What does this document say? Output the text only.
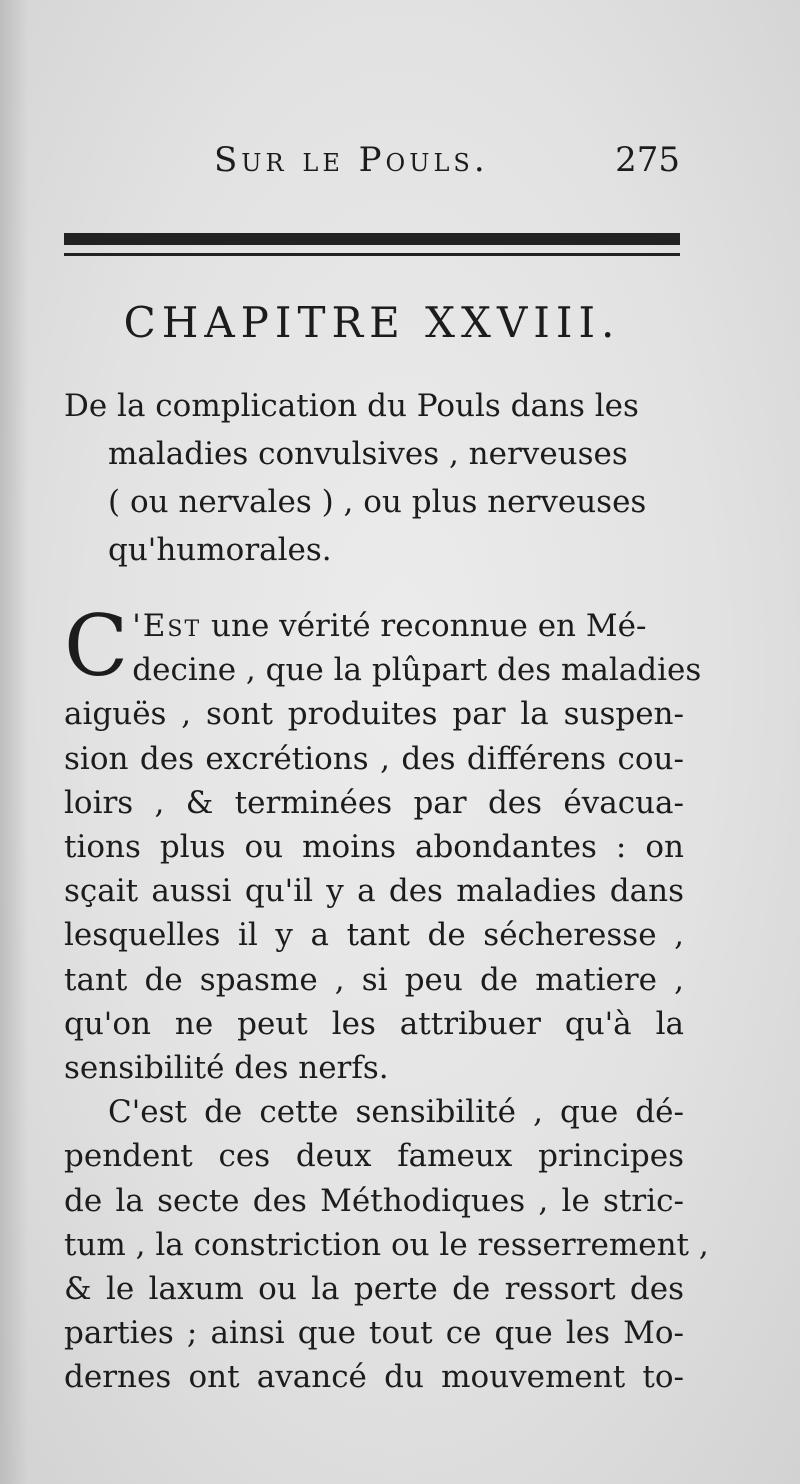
Sur le Pouls.	275
CHAPITRE XXVIII.
De la complication du Pouls dans les
maladies convulsives , nerveuses
( ou nervales ) , ou plus nerveuses
qu'humorales.
C 'Est une vérité reconnue en Mé-
decine , que la plûpart des maladies
aiguës , sont produites par la suspen-
sion des excrétions , des différens cou-
loirs , & terminées par des évacua-
tions plus ou moins abondantes : on
sçait aussi qu'il y a des maladies dans
lesquelles il y a tant de sécheresse ,
tant de spasme , si peu de matiere ,
qu'on ne peut les attribuer qu'à la
sensibilité des nerfs.
C'est de cette sensibilité , que dé-
pendent ces deux fameux principes
de la secte des Méthodiques , le stric-
tum , la constriction ou le resserrement ,
& le laxum ou la perte de ressort des
parties ; ainsi que tout ce que les Mo-
dernes ont avancé du mouvement to-
